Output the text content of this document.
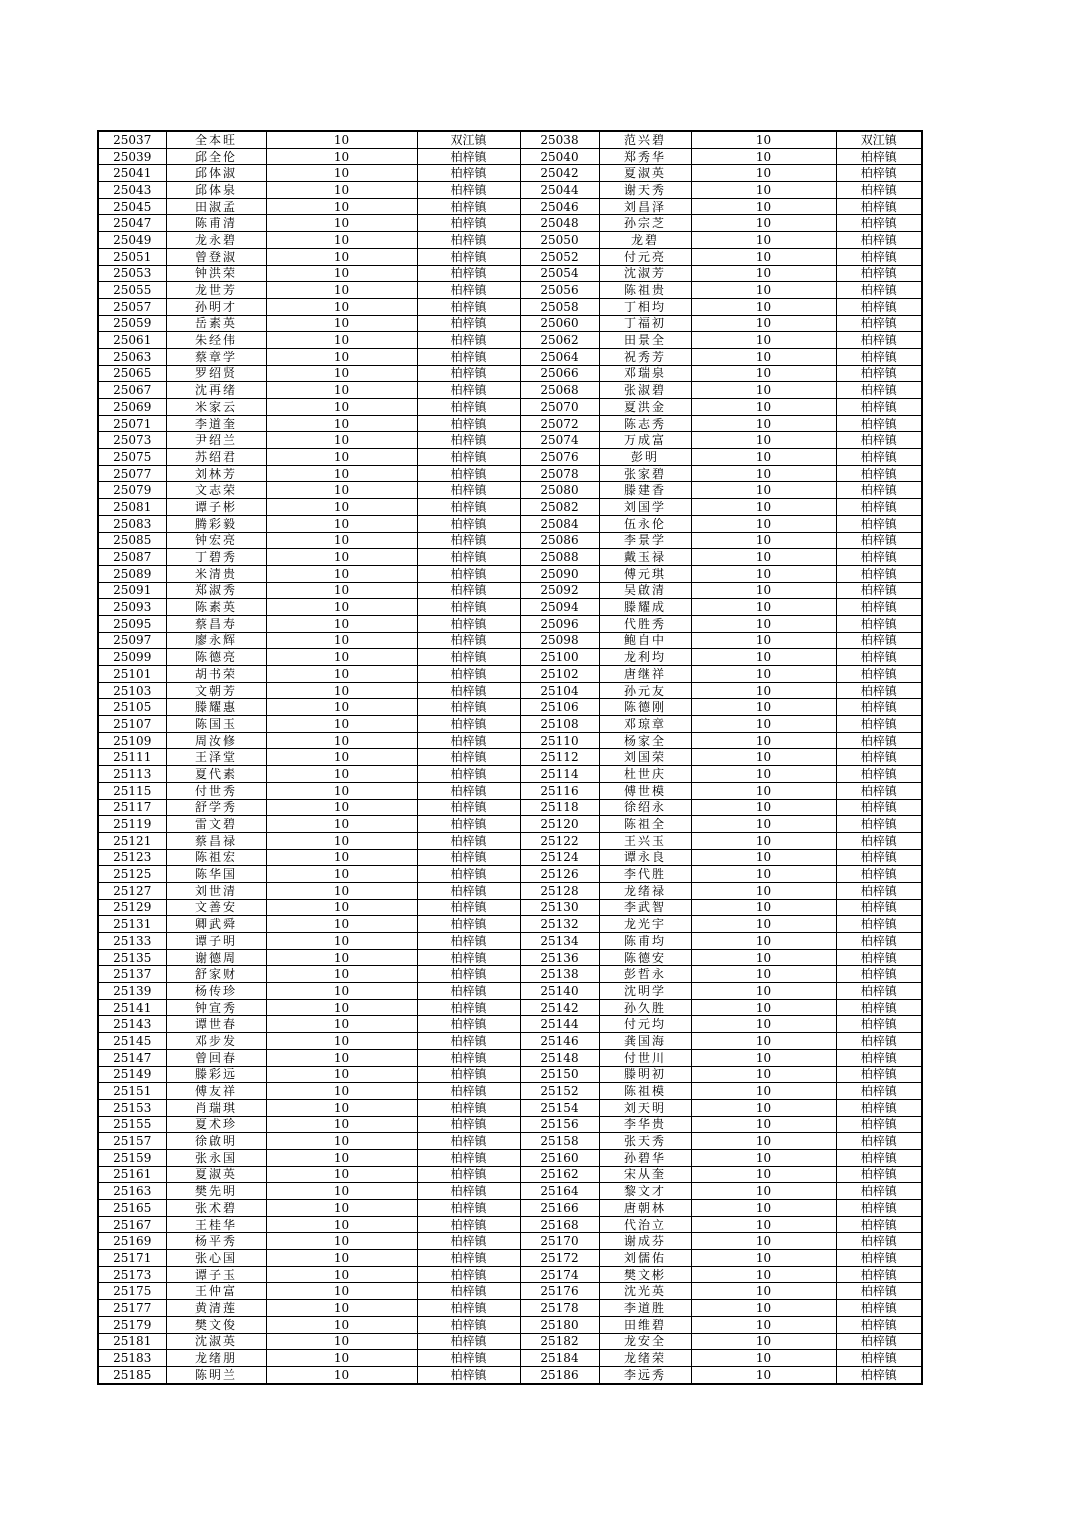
25037	全本旺	10	双江镇	25038	范兴碧	10	双江镇
25039	邱全伦	10	柏梓镇	25040	郑秀华	10	柏梓镇
25041	邱体淑	10	柏梓镇	25042	夏淑英	10	柏梓镇
25043	邱体泉	10	柏梓镇	25044	谢天秀	10	柏梓镇
25045	田淑孟	10	柏梓镇	25046	刘昌泽	10	柏梓镇
25047	陈甫清	10	柏梓镇	25048	孙宗芝	10	柏梓镇
25049	龙永碧	10	柏梓镇	25050	龙碧	10	柏梓镇
25051	曾登淑	10	柏梓镇	25052	付元亮	10	柏梓镇
25053	钟洪荣	10	柏梓镇	25054	沈淑芳	10	柏梓镇
25055	龙世芳	10	柏梓镇	25056	陈祖贵	10	柏梓镇
25057	孙明才	10	柏梓镇	25058	丁相均	10	柏梓镇
25059	岳素英	10	柏梓镇	25060	丁福初	10	柏梓镇
25061	朱经伟	10	柏梓镇	25062	田景全	10	柏梓镇
25063	蔡章学	10	柏梓镇	25064	祝秀芳	10	柏梓镇
25065	罗绍贤	10	柏梓镇	25066	邓瑞泉	10	柏梓镇
25067	沈再绪	10	柏梓镇	25068	张淑碧	10	柏梓镇
25069	米家云	10	柏梓镇	25070	夏洪金	10	柏梓镇
25071	李道奎	10	柏梓镇	25072	陈志秀	10	柏梓镇
25073	尹绍兰	10	柏梓镇	25074	万成富	10	柏梓镇
25075	苏绍君	10	柏梓镇	25076	彭明	10	柏梓镇
25077	刘林芳	10	柏梓镇	25078	张家碧	10	柏梓镇
25079	文志荣	10	柏梓镇	25080	滕建香	10	柏梓镇
25081	谭子彬	10	柏梓镇	25082	刘国学	10	柏梓镇
25083	腾彩毅	10	柏梓镇	25084	伍永伦	10	柏梓镇
25085	钟宏亮	10	柏梓镇	25086	李景学	10	柏梓镇
25087	丁碧秀	10	柏梓镇	25088	戴玉禄	10	柏梓镇
25089	米清贵	10	柏梓镇	25090	傅元琪	10	柏梓镇
25091	郑淑秀	10	柏梓镇	25092	吴啟清	10	柏梓镇
25093	陈素英	10	柏梓镇	25094	滕耀成	10	柏梓镇
25095	蔡昌寿	10	柏梓镇	25096	代胜秀	10	柏梓镇
25097	廖永辉	10	柏梓镇	25098	鲍自中	10	柏梓镇
25099	陈德亮	10	柏梓镇	25100	龙利均	10	柏梓镇
25101	胡书荣	10	柏梓镇	25102	唐继祥	10	柏梓镇
25103	文朝芳	10	柏梓镇	25104	孙元友	10	柏梓镇
25105	滕耀惠	10	柏梓镇	25106	陈德刚	10	柏梓镇
25107	陈国玉	10	柏梓镇	25108	邓琼章	10	柏梓镇
25109	周汝修	10	柏梓镇	25110	杨家全	10	柏梓镇
25111	王泽堂	10	柏梓镇	25112	刘国荣	10	柏梓镇
25113	夏代素	10	柏梓镇	25114	杜世庆	10	柏梓镇
25115	付世秀	10	柏梓镇	25116	傅世模	10	柏梓镇
25117	舒学秀	10	柏梓镇	25118	徐绍永	10	柏梓镇
25119	雷文碧	10	柏梓镇	25120	陈祖全	10	柏梓镇
25121	蔡昌禄	10	柏梓镇	25122	王兴玉	10	柏梓镇
25123	陈祖宏	10	柏梓镇	25124	谭永良	10	柏梓镇
25125	陈华国	10	柏梓镇	25126	李代胜	10	柏梓镇
25127	刘世清	10	柏梓镇	25128	龙绪禄	10	柏梓镇
25129	文善安	10	柏梓镇	25130	李武智	10	柏梓镇
25131	卿武舜	10	柏梓镇	25132	龙光宇	10	柏梓镇
25133	谭子明	10	柏梓镇	25134	陈甫均	10	柏梓镇
25135	谢德周	10	柏梓镇	25136	陈德安	10	柏梓镇
25137	舒家财	10	柏梓镇	25138	彭哲永	10	柏梓镇
25139	杨传珍	10	柏梓镇	25140	沈明学	10	柏梓镇
25141	钟宣秀	10	柏梓镇	25142	孙久胜	10	柏梓镇
25143	谭世春	10	柏梓镇	25144	付元均	10	柏梓镇
25145	邓步发	10	柏梓镇	25146	龚国海	10	柏梓镇
25147	曾回春	10	柏梓镇	25148	付世川	10	柏梓镇
25149	滕彩远	10	柏梓镇	25150	滕明初	10	柏梓镇
25151	傅友祥	10	柏梓镇	25152	陈祖模	10	柏梓镇
25153	肖瑞琪	10	柏梓镇	25154	刘天明	10	柏梓镇
25155	夏术珍	10	柏梓镇	25156	李华贵	10	柏梓镇
25157	徐啟明	10	柏梓镇	25158	张天秀	10	柏梓镇
25159	张永国	10	柏梓镇	25160	孙碧华	10	柏梓镇
25161	夏淑英	10	柏梓镇	25162	宋从奎	10	柏梓镇
25163	樊先明	10	柏梓镇	25164	黎文才	10	柏梓镇
25165	张术碧	10	柏梓镇	25166	唐朝林	10	柏梓镇
25167	王桂华	10	柏梓镇	25168	代治立	10	柏梓镇
25169	杨平秀	10	柏梓镇	25170	谢成芬	10	柏梓镇
25171	张心国	10	柏梓镇	25172	刘儒佑	10	柏梓镇
25173	谭子玉	10	柏梓镇	25174	樊文彬	10	柏梓镇
25175	王仲富	10	柏梓镇	25176	沈光英	10	柏梓镇
25177	黄清莲	10	柏梓镇	25178	李道胜	10	柏梓镇
25179	樊文俊	10	柏梓镇	25180	田维碧	10	柏梓镇
25181	沈淑英	10	柏梓镇	25182	龙安全	10	柏梓镇
25183	龙绪朋	10	柏梓镇	25184	龙绪荣	10	柏梓镇
25185	陈明兰	10	柏梓镇	25186	李远秀	10	柏梓镇
